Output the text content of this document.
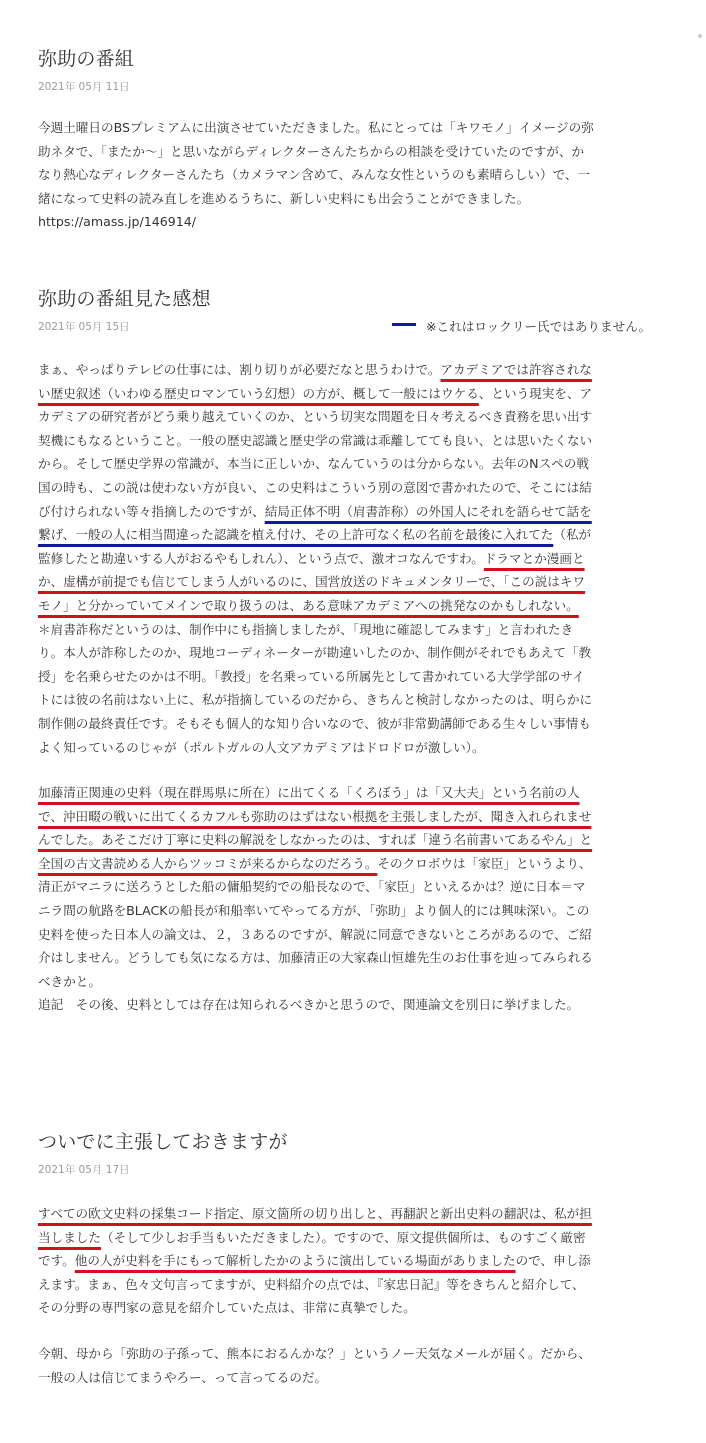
弥助の番組
2021年 05月 11日

今週土曜日のBSプレミアムに出演させていただきました。私にとっては「キワモノ」イメージの弥
助ネタで、「またか～」と思いながらディレクターさんたちからの相談を受けていたのですが、か
なり熱心なディレクターさんたち（カメラマン含めて、みんな女性というのも素晴らしい）で、一
緒になって史料の読み直しを進めるうちに、新しい史料にも出会うことができました。
https://amass.jp/146914/

弥助の番組見た感想
2021年 05月 15日

まぁ、やっぱりテレビの仕事には、割り切りが必要だなと思うわけで。アカデミアでは許容されな
い歴史叙述（いわゆる歴史ロマンていう幻想）の方が、概して一般にはウケる、という現実を、ア
カデミアの研究者がどう乗り越えていくのか、という切実な問題を日々考えるべき責務を思い出す
契機にもなるということ。一般の歴史認識と歴史学の常識は乖離してても良い、とは思いたくない
から。そして歴史学界の常識が、本当に正しいか、なんていうのは分からない。去年のNスペの戦
国の時も、この説は使わない方が良い、この史料はこういう別の意図で書かれたので、そこには結
び付けられない等々指摘したのですが、結局正体不明（肩書詐称）の外国人にそれを語らせて話を
繋げ、一般の人に相当間違った認識を植え付け、その上許可なく私の名前を最後に入れてた（私が
監修したと勘違いする人がおるやもしれん）、という点で、激オコなんですわ。ドラマとか漫画と
か、虚構が前提でも信じてしまう人がいるのに、国営放送のドキュメンタリーで、「この説はキワ
モノ」と分かっていてメインで取り扱うのは、ある意味アカデミアへの挑発なのかもしれない。
＊肩書詐称だというのは、制作中にも指摘しましたが、「現地に確認してみます」と言われたき
り。本人が詐称したのか、現地コーディネーターが勘違いしたのか、制作側がそれでもあえて「教
授」を名乗らせたのかは不明。「教授」を名乗っている所属先として書かれている大学学部のサイ
トには彼の名前はない上に、私が指摘しているのだから、きちんと検討しなかったのは、明らかに
制作側の最終責任です。そもそも個人的な知り合いなので、彼が非常勤講師である生々しい事情も
よく知っているのじゃが（ポルトガルの人文アカデミアはドロドロが激しい）。

加藤清正関連の史料（現在群馬県に所在）に出てくる「くろぼう」は「又大夫」という名前の人
で、沖田畷の戦いに出てくるカフルも弥助のはずはない根拠を主張しましたが、聞き入れられませ
んでした。あそこだけ丁寧に史料の解説をしなかったのは、すれば「違う名前書いてあるやん」と
全国の古文書読める人からツッコミが来るからなのだろう。そのクロボウは「家臣」というより、
清正がマニラに送ろうとした船の傭船契約での船長なので、「家臣」といえるかは？逆に日本＝マ
ニラ間の航路をBLACKの船長が和船率いてやってる方が、「弥助」より個人的には興味深い。この
史料を使った日本人の論文は、２，３あるのですが、解説に同意できないところがあるので、ご紹
介はしません。どうしても気になる方は、加藤清正の大家森山恒雄先生のお仕事を辿ってみられる
べきかと。
追記　その後、史料としては存在は知られるべきかと思うので、関連論文を別日に挙げました。

※これはロックリー氏ではありません。
ついでに主張しておきますが
2021年 05月 17日

すべての欧文史料の採集コード指定、原文箇所の切り出しと、再翻訳と新出史料の翻訳は、私が担
当しました（そして少しお手当もいただきました）。ですので、原文提供個所は、ものすごく厳密
です。他の人が史料を手にもって解析したかのように演出している場面がありましたので、申し添
えます。まぁ、色々文句言ってますが、史料紹介の点では、『家忠日記』等をきちんと紹介して、
その分野の専門家の意見を紹介していた点は、非常に真摯でした。

今朝、母から「弥助の子孫って、熊本におるんかな？」というノー天気なメールが届く。だから、
一般の人は信じてまうやろー、って言ってるのだ。
